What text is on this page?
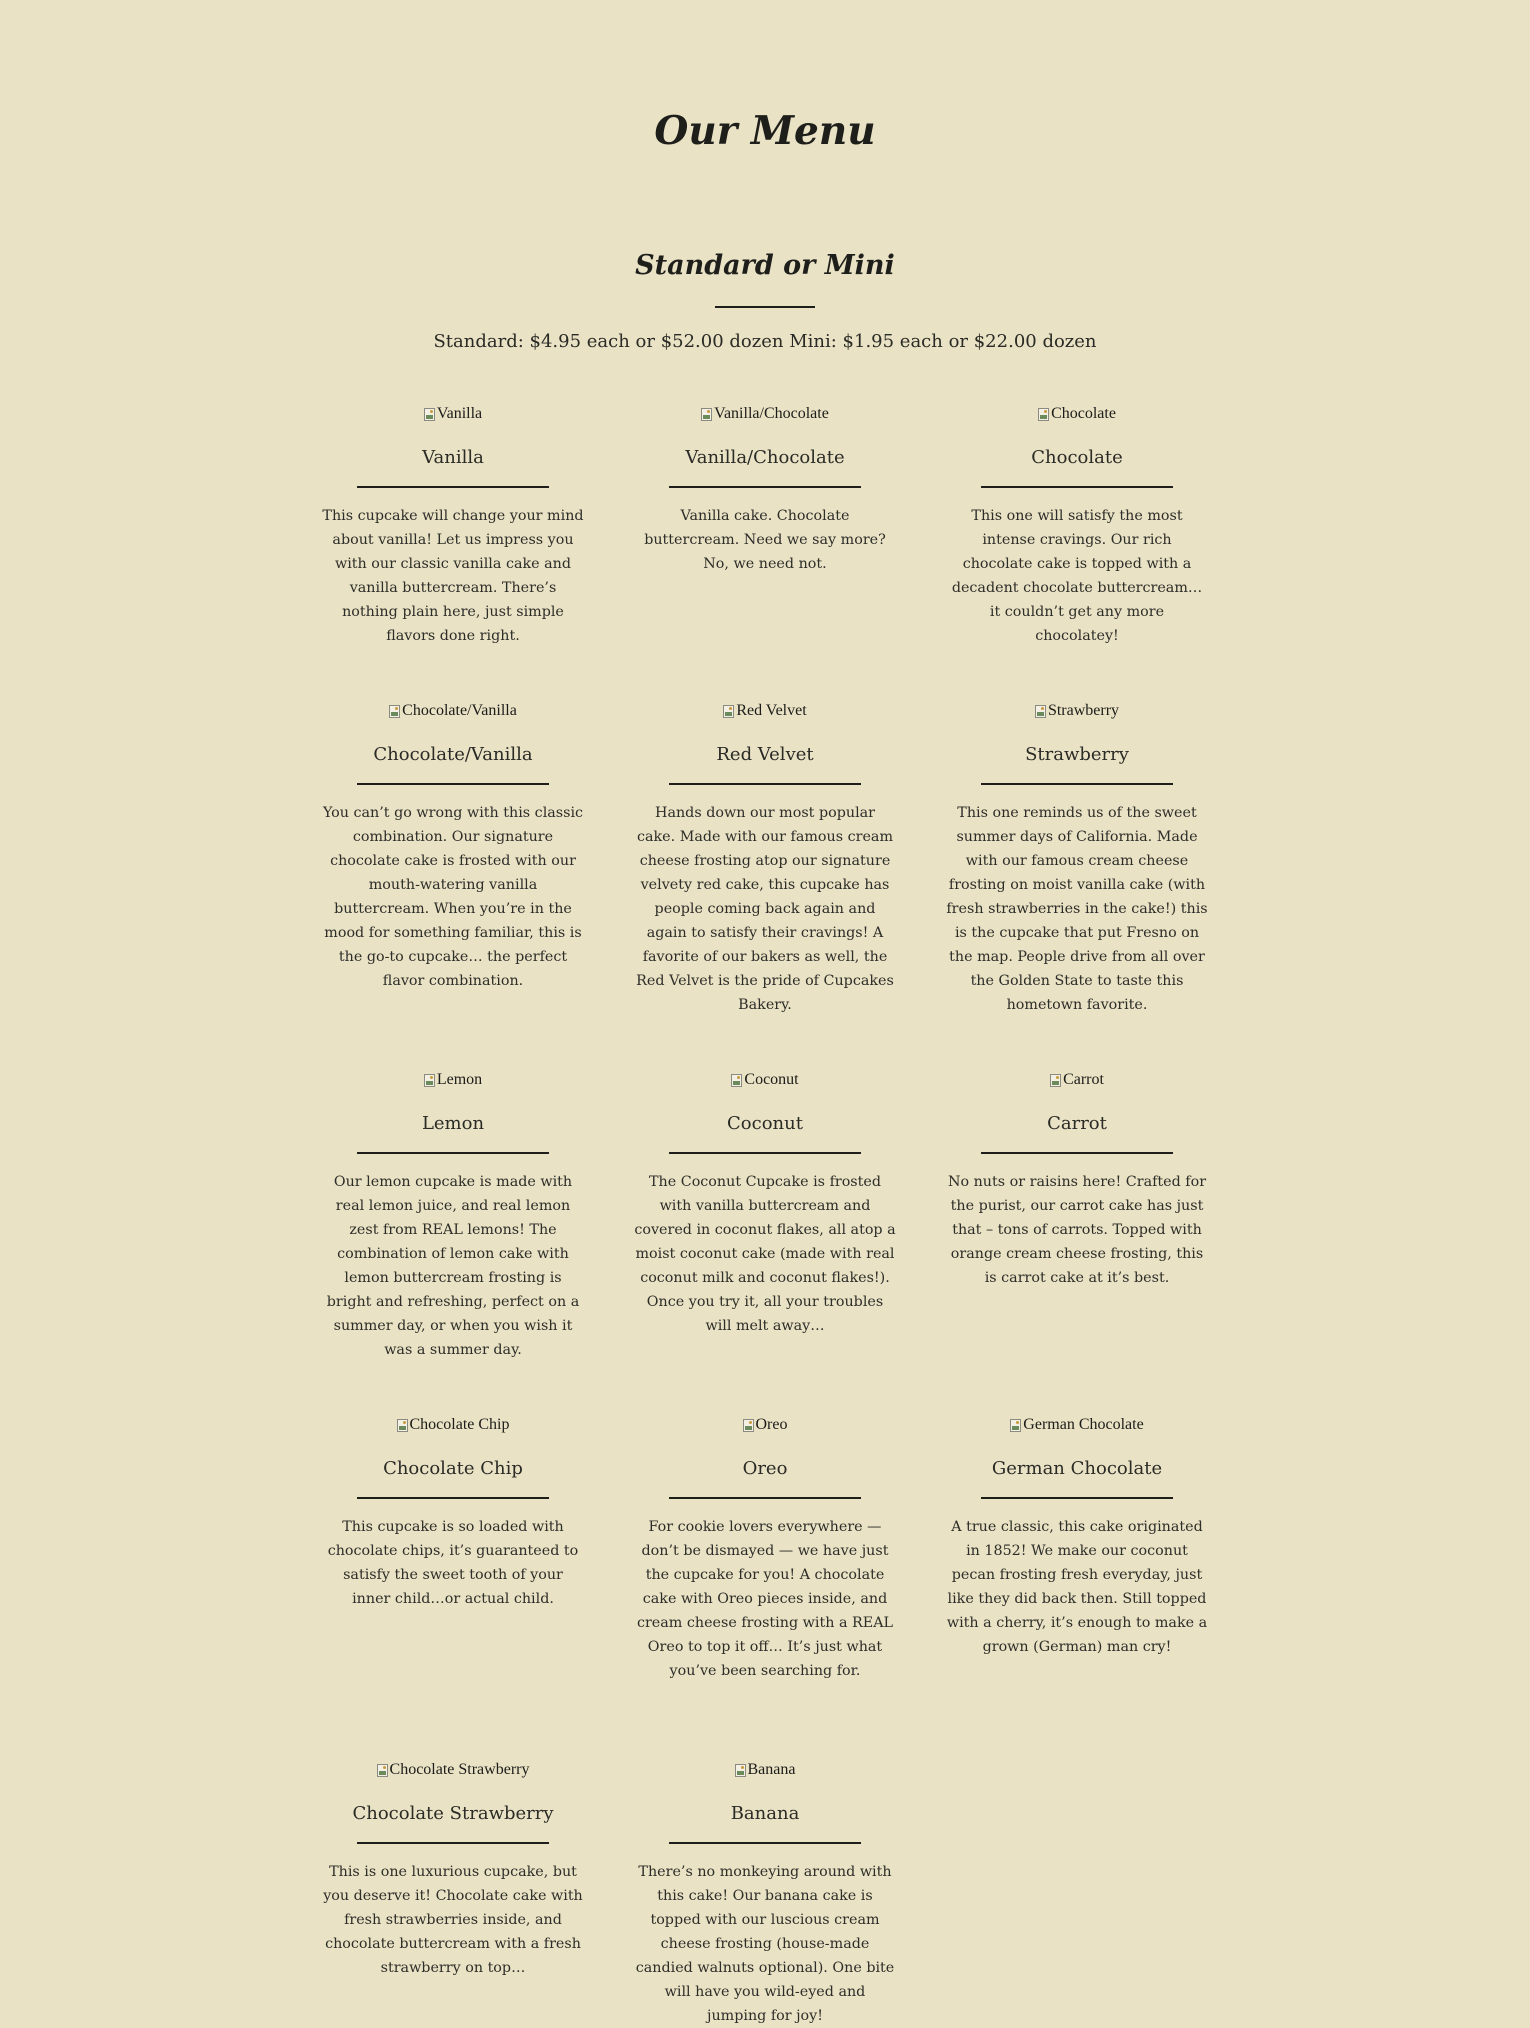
Our Menu
Standard or Mini
Standard: $4.95 each or $52.00 dozen Mini: $1.95 each or $22.00 dozen
Vanilla
Vanilla
This cupcake will change your mind about vanilla! Let us impress you with our classic vanilla cake and vanilla buttercream. There’s nothing plain here, just simple flavors done right.
Vanilla/Chocolate
Vanilla/Chocolate
Vanilla cake. Chocolate buttercream. Need we say more? No, we need not.
Chocolate
Chocolate
This one will satisfy the most intense cravings. Our rich chocolate cake is topped with a decadent chocolate buttercream… it couldn’t get any more chocolatey!
Chocolate/Vanilla
Chocolate/Vanilla
You can’t go wrong with this classic combination. Our signature chocolate cake is frosted with our mouth-watering vanilla buttercream. When you’re in the mood for something familiar, this is the go-to cupcake… the perfect flavor combination.
Red Velvet
Red Velvet
Hands down our most popular cake. Made with our famous cream cheese frosting atop our signature velvety red cake, this cupcake has people coming back again and again to satisfy their cravings! A favorite of our bakers as well, the Red Velvet is the pride of Cupcakes Bakery.
Strawberry
Strawberry
This one reminds us of the sweet summer days of California. Made with our famous cream cheese frosting on moist vanilla cake (with fresh strawberries in the cake!) this is the cupcake that put Fresno on the map. People drive from all over the Golden State to taste this hometown favorite.
Lemon
Lemon
Our lemon cupcake is made with real lemon juice, and real lemon zest from REAL lemons! The combination of lemon cake with lemon buttercream frosting is bright and refreshing, perfect on a summer day, or when you wish it was a summer day.
Coconut
Coconut
The Coconut Cupcake is frosted with vanilla buttercream and covered in coconut flakes, all atop a moist coconut cake (made with real coconut milk and coconut flakes!). Once you try it, all your troubles will melt away…
Carrot
Carrot
No nuts or raisins here! Crafted for the purist, our carrot cake has just that – tons of carrots. Topped with orange cream cheese frosting, this is carrot cake at it’s best.
Chocolate Chip
Chocolate Chip
This cupcake is so loaded with chocolate chips, it’s guaranteed to satisfy the sweet tooth of your inner child…or actual child.
Oreo
Oreo
For cookie lovers everywhere — don’t be dismayed — we have just the cupcake for you! A chocolate cake with Oreo pieces inside, and cream cheese frosting with a REAL Oreo to top it off… It’s just what you’ve been searching for.
German Chocolate
German Chocolate
A true classic, this cake originated in 1852! We make our coconut pecan frosting fresh everyday, just like they did back then. Still topped with a cherry, it’s enough to make a grown (German) man cry!
Chocolate Strawberry
Chocolate Strawberry
This is one luxurious cupcake, but you deserve it! Chocolate cake with fresh strawberries inside, and chocolate buttercream with a fresh strawberry on top…
Banana
Banana
There’s no monkeying around with this cake! Our banana cake is topped with our luscious cream cheese frosting (house-made candied walnuts optional). One bite will have you wild-eyed and jumping for joy!
